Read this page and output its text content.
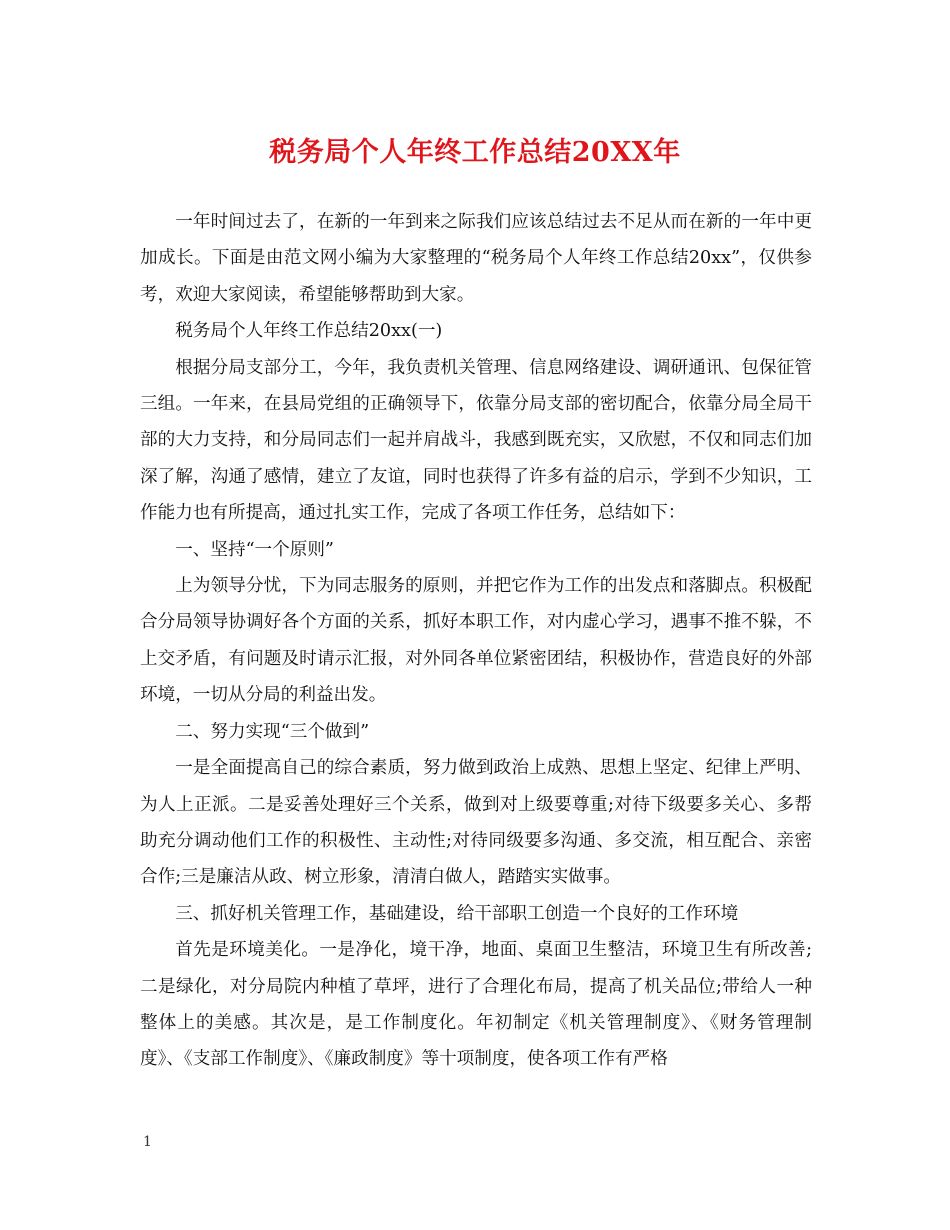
税务局个人年终工作总结20XX年

一年时间过去了，在新的一年到来之际我们应该总结过去不足从而在新的一年中更加成长。下面是由范文网小编为大家整理的“税务局个人年终工作总结20xx”，仅供参考，欢迎大家阅读，希望能够帮助到大家。

税务局个人年终工作总结20xx(一)

根据分局支部分工，今年，我负责机关管理、信息网络建设、调研通讯、包保征管三组。一年来，在县局党组的正确领导下，依靠分局支部的密切配合，依靠分局全局干部的大力支持，和分局同志们一起并肩战斗，我感到既充实，又欣慰，不仅和同志们加深了解，沟通了感情，建立了友谊，同时也获得了许多有益的启示，学到不少知识，工作能力也有所提高，通过扎实工作，完成了各项工作任务，总结如下：

一、坚持“一个原则”

上为领导分忧，下为同志服务的原则，并把它作为工作的出发点和落脚点。积极配合分局领导协调好各个方面的关系，抓好本职工作，对内虚心学习，遇事不推不躲，不上交矛盾，有问题及时请示汇报，对外同各单位紧密团结，积极协作，营造良好的外部环境，一切从分局的利益出发。

二、努力实现“三个做到”

一是全面提高自己的综合素质，努力做到政治上成熟、思想上坚定、纪律上严明、为人上正派。二是妥善处理好三个关系，做到对上级要尊重;对待下级要多关心、多帮助充分调动他们工作的积极性、主动性;对待同级要多沟通、多交流，相互配合、亲密合作;三是廉洁从政、树立形象，清清白做人，踏踏实实做事。

三、抓好机关管理工作，基础建设，给干部职工创造一个良好的工作环境

首先是环境美化。一是净化，境干净，地面、桌面卫生整洁，环境卫生有所改善;二是绿化，对分局院内种植了草坪，进行了合理化布局，提高了机关品位;带给人一种整体上的美感。其次是，是工作制度化。年初制定《机关管理制度》、《财务管理制度》、《支部工作制度》、《廉政制度》等十项制度，使各项工作有严格

1
